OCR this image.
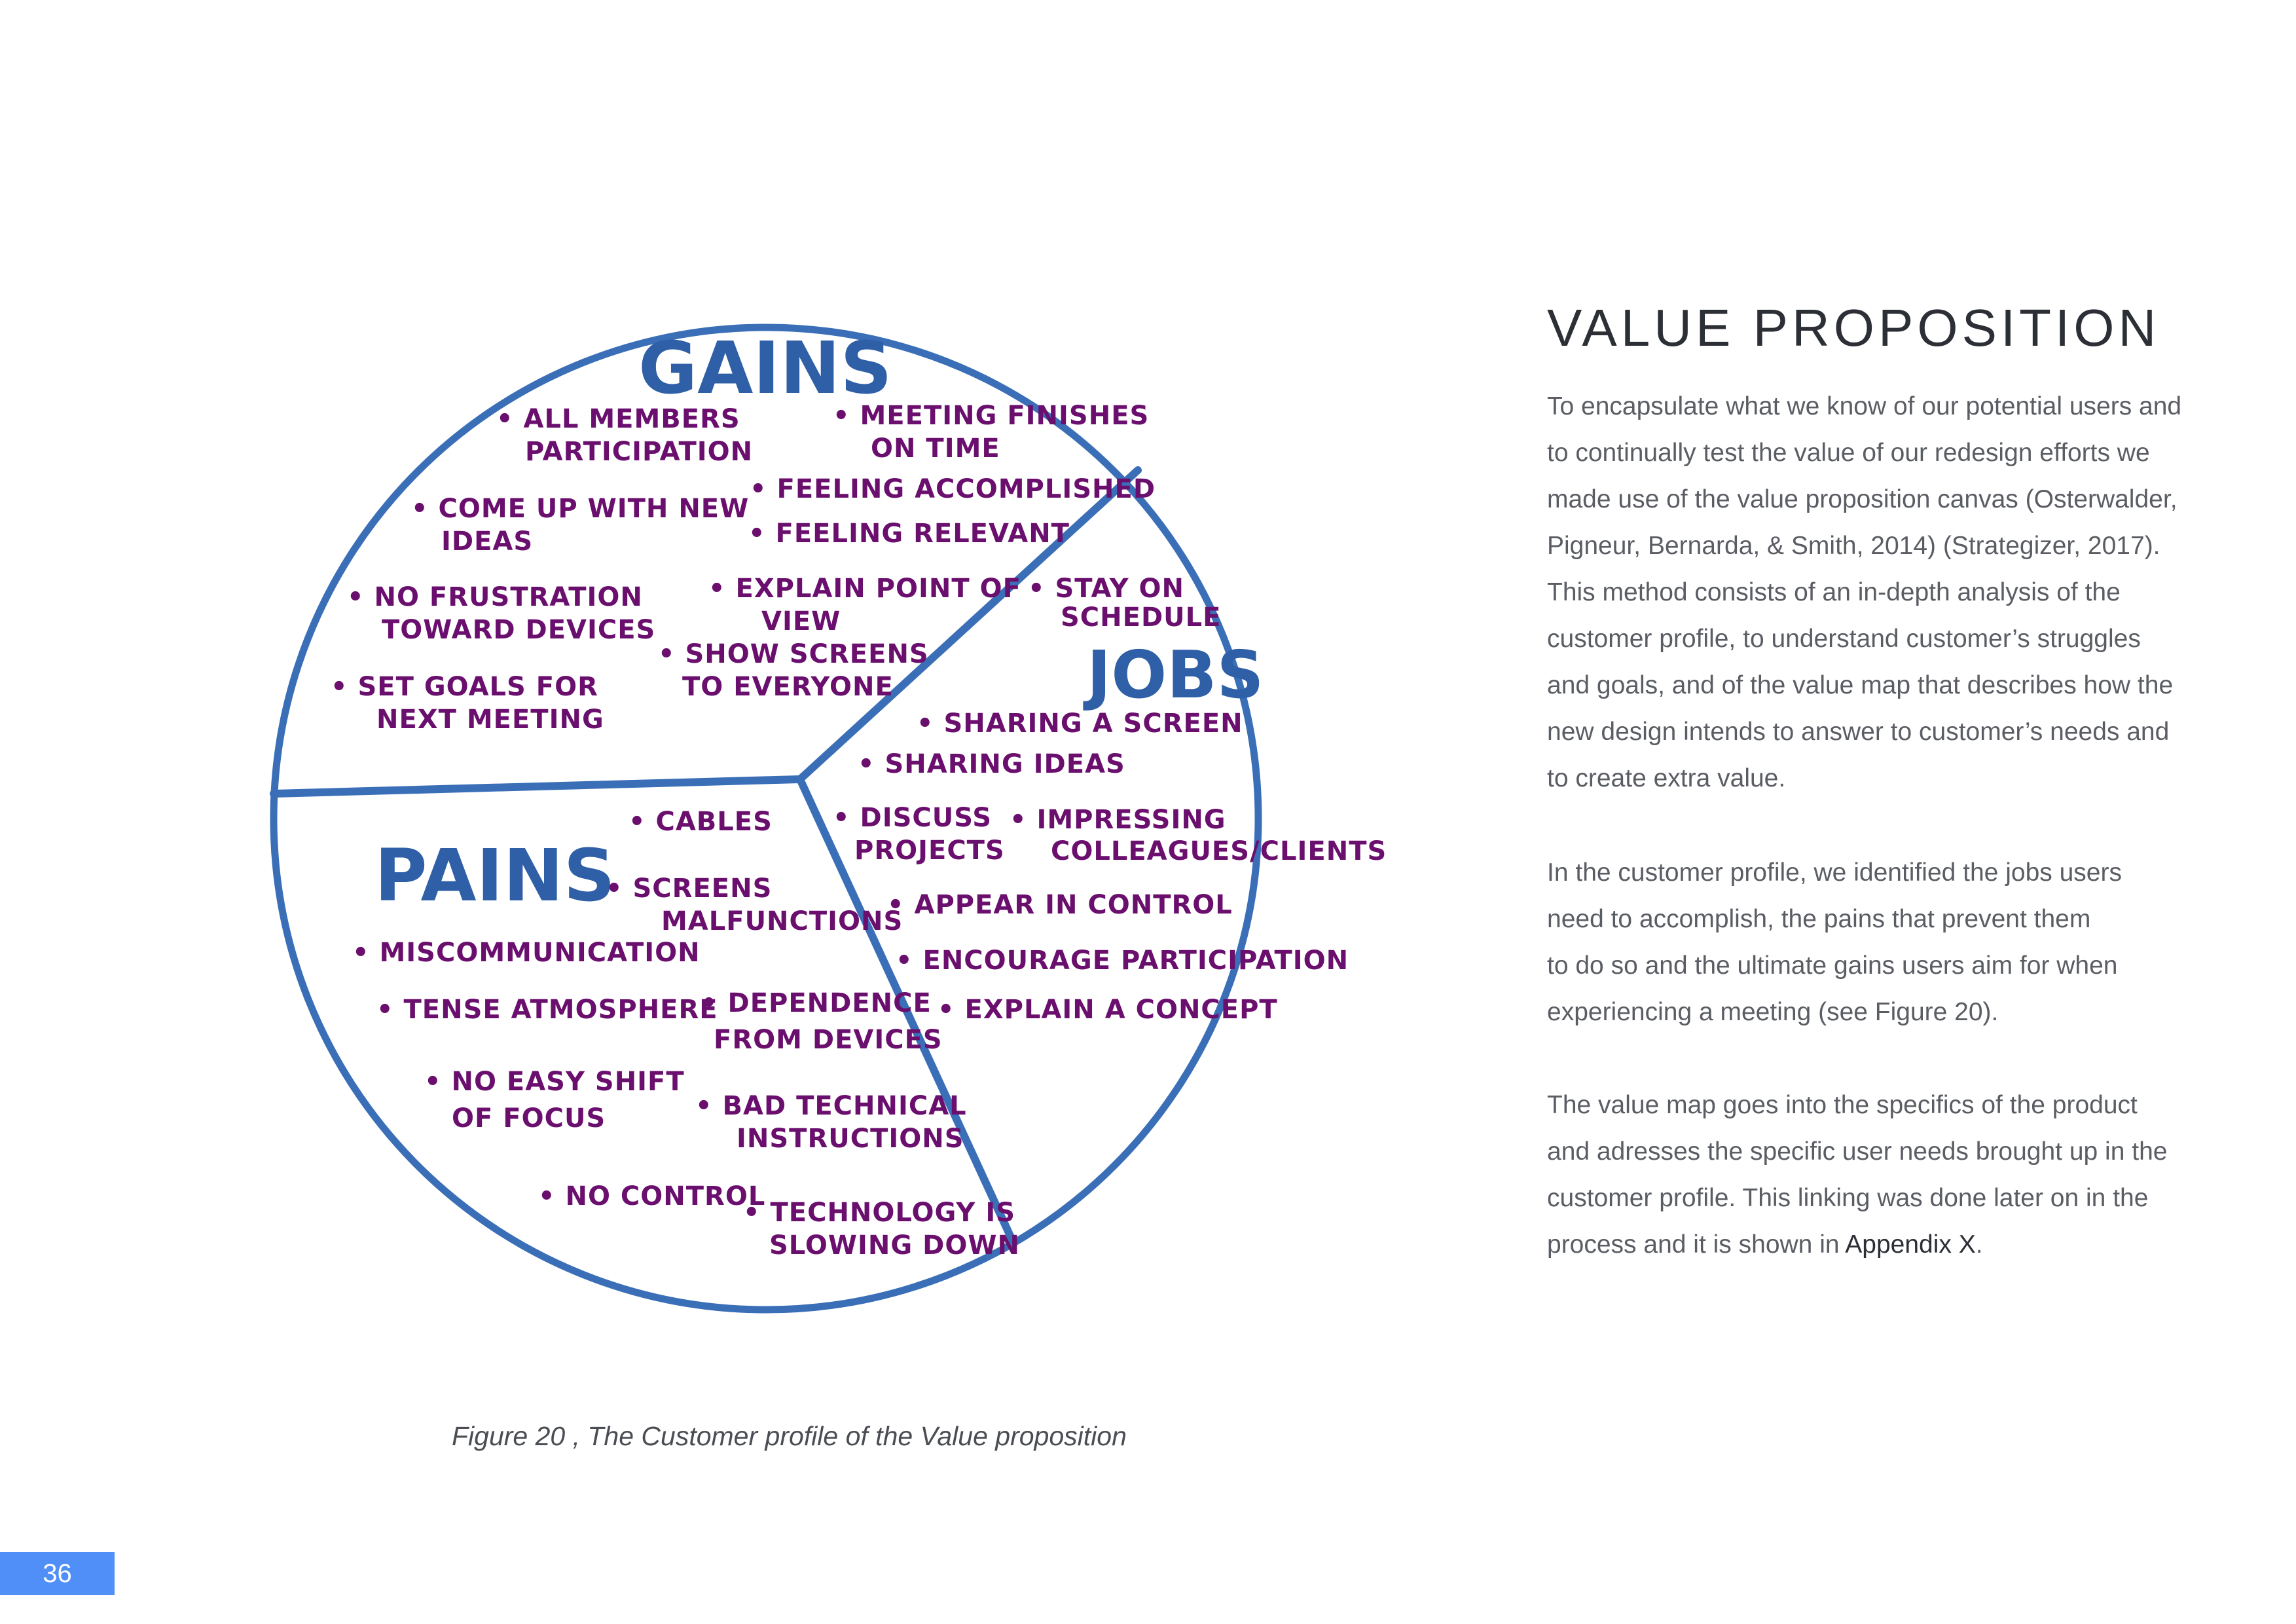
GAINS
JOBS
PAINS
• ALL MEMBERS PARTICIPATION
• MEETING FINISHES ON TIME
• FEELING ACCOMPLISHED
• FEELING RELEVANT
• COME UP WITH NEW IDEAS
• EXPLAIN POINT OF VIEW
• NO FRUSTRATION TOWARD DEVICES
• SHOW SCREENS TO EVERYONE
• SET GOALS FOR NEXT MEETING
• STAY ON SCHEDULE
• SHARING A SCREEN
• SHARING IDEAS
• DISCUSS PROJECTS
• IMPRESSING COLLEAGUES/CLIENTS
• APPEAR IN CONTROL
• ENCOURAGE PARTICIPATION
• EXPLAIN A CONCEPT
• CABLES
• SCREENS MALFUNCTIONS
• MISCOMMUNICATION
• TENSE ATMOSPHERE
• DEPENDENCE FROM DEVICES
• NO EASY SHIFT OF FOCUS	• BAD TECHNICAL INSTRUCTIONS
• NO CONTROL
• TECHNOLOGY IS SLOWING DOWN
VALUE PROPOSITION

To encapsulate what we know of our potential users and
to continually test the value of our redesign efforts we
made use of the value proposition canvas (Osterwalder,
Pigneur, Bernarda, & Smith, 2014) (Strategizer, 2017).
This method consists of an in-depth analysis of the
customer profile, to understand customer’s struggles
and goals, and of the value map that describes how the
new design intends to answer to customer’s needs and
to create extra value.

In the customer profile, we identified the jobs users
need to accomplish, the pains that prevent them
to do so and the ultimate gains users aim for when
experiencing a meeting (see Figure 20).

The value map goes into the specifics of the product
and adresses the specific user needs brought up in the
customer profile. This linking was done later on in the
process and it is shown in Appendix X.

Figure 20 , The Customer profile of the Value proposition

36
